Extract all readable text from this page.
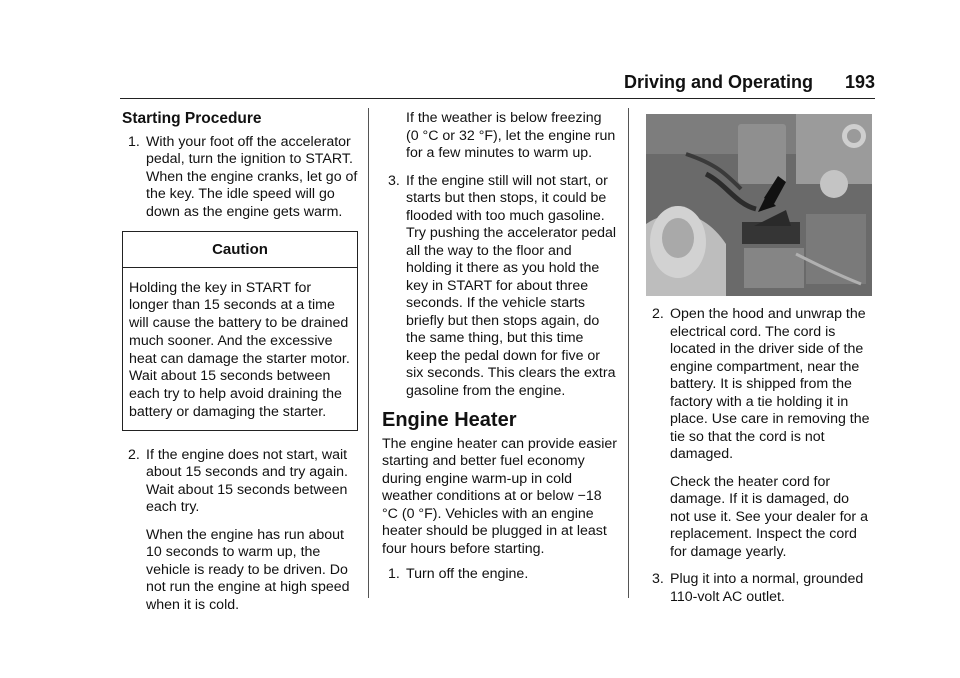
Driving and Operating 193
Starting Procedure
1. With your foot off the accelerator pedal, turn the ignition to START. When the engine cranks, let go of the key. The idle speed will go down as the engine gets warm.

Caution
Holding the key in START for longer than 15 seconds at a time will cause the battery to be drained much sooner. And the excessive heat can damage the starter motor. Wait about 15 seconds between each try to help avoid draining the battery or damaging the starter.
2. If the engine does not start, wait about 15 seconds and try again. Wait about 15 seconds between each try.

When the engine has run about 10 seconds to warm up, the vehicle is ready to be driven. Do not run the engine at high speed when it is cold.
If the weather is below freezing (0 °C or 32 °F), let the engine run for a few minutes to warm up.
3. If the engine still will not start, or starts but then stops, it could be flooded with too much gasoline. Try pushing the accelerator pedal all the way to the floor and holding it there as you hold the key in START for about three seconds. If the vehicle starts briefly but then stops again, do the same thing, but this time keep the pedal down for five or six seconds. This clears the extra gasoline from the engine.

Engine Heater

The engine heater can provide easier starting and better fuel economy during engine warm-up in cold weather conditions at or below −18 °C (0 °F). Vehicles with an engine heater should be plugged in at least four hours before starting.

1. Turn off the engine.

2. Open the hood and unwrap the electrical cord. The cord is located in the driver side of the engine compartment, near the battery. It is shipped from the factory with a tie holding it in place. Use care in removing the tie so that the cord is not damaged.

Check the heater cord for damage. If it is damaged, do not use it. See your dealer for a replacement. Inspect the cord for damage yearly.
3. Plug it into a normal, grounded 110-volt AC outlet.
